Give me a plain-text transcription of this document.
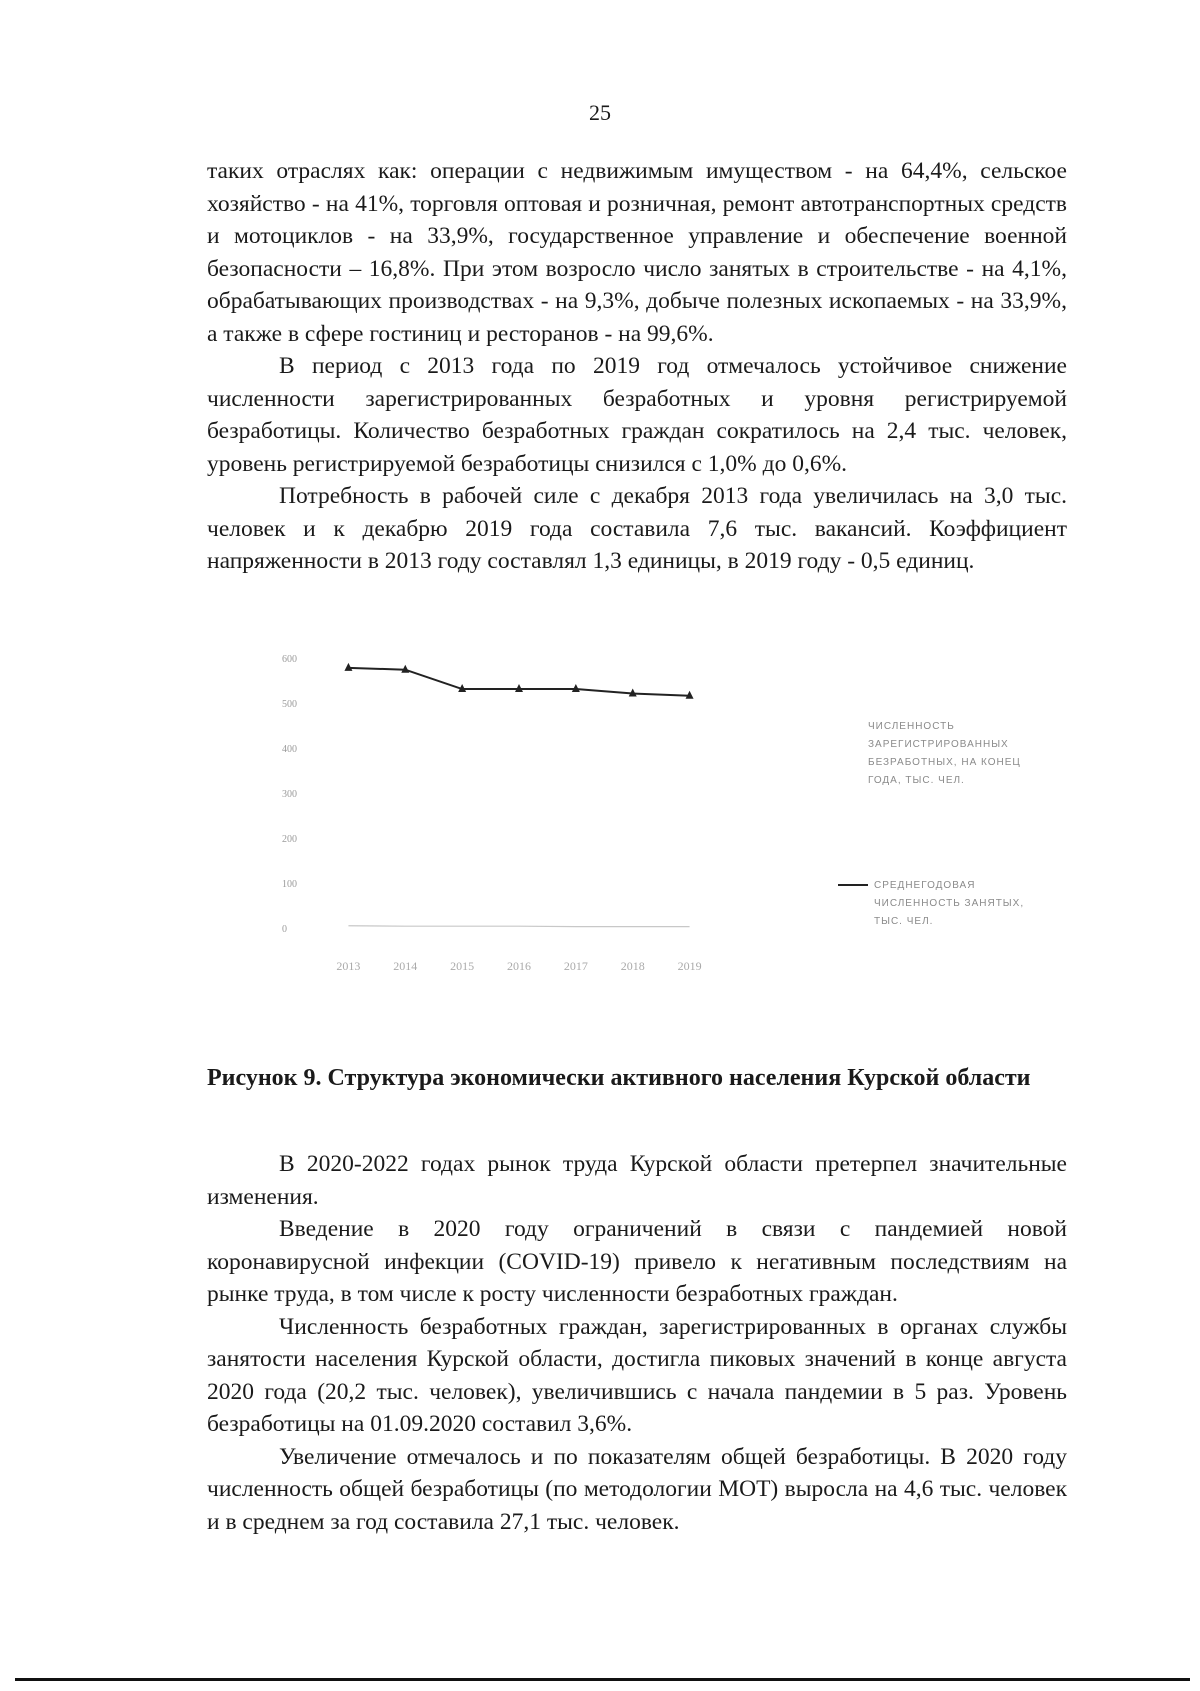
25

таких отраслях как: операции с недвижимым имуществом - на 64,4%, сельское хозяйство - на 41%, торговля оптовая и розничная, ремонт автотранспортных средств и мотоциклов - на 33,9%, государственное управление и обеспечение военной безопасности – 16,8%. При этом возросло число занятых в строительстве - на 4,1%, обрабатывающих производствах - на 9,3%, добыче полезных ископаемых - на 33,9%, а также в сфере гостиниц и ресторанов - на 99,6%.

В период с 2013 года по 2019 год отмечалось устойчивое снижение численности зарегистрированных безработных и уровня регистрируемой безработицы. Количество безработных граждан сократилось на 2,4 тыс. человек, уровень регистрируемой безработицы снизился с 1,0% до 0,6%.

Потребность в рабочей силе с декабря 2013 года увеличилась на 3,0 тыс. человек и к декабрю 2019 года составила 7,6 тыс. вакансий. Коэффициент напряженности в 2013 году составлял 1,3 единицы, в 2019 году - 0,5 единиц.

0
100
200
300
400
500
600
2013	2014	2015	2016	2017	2018	2019
ЧИСЛЕННОСТЬ
ЗАРЕГИСТРИРОВАННЫХ
БЕЗРАБОТНЫХ, НА КОНЕЦ
ГОДА, ТЫС. ЧЕЛ.
СРЕДНЕГОДОВАЯ
ЧИСЛЕННОСТЬ ЗАНЯТЫХ,
ТЫС. ЧЕЛ.
Рисунок 9. Структура экономически активного населения Курской области

В 2020-2022 годах рынок труда Курской области претерпел значительные изменения.

Введение в 2020 году ограничений в связи с пандемией новой коронавирусной инфекции (COVID-19) привело к негативным последствиям на рынке труда, в том числе к росту численности безработных граждан.

Численность безработных граждан, зарегистрированных в органах службы занятости населения Курской области, достигла пиковых значений в конце августа 2020 года (20,2 тыс. человек), увеличившись с начала пандемии в 5 раз. Уровень безработицы на 01.09.2020 составил 3,6%.

Увеличение отмечалось и по показателям общей безработицы. В 2020 году численность общей безработицы (по методологии МОТ) выросла на 4,6 тыс. человек и в среднем за год составила 27,1 тыс. человек.
